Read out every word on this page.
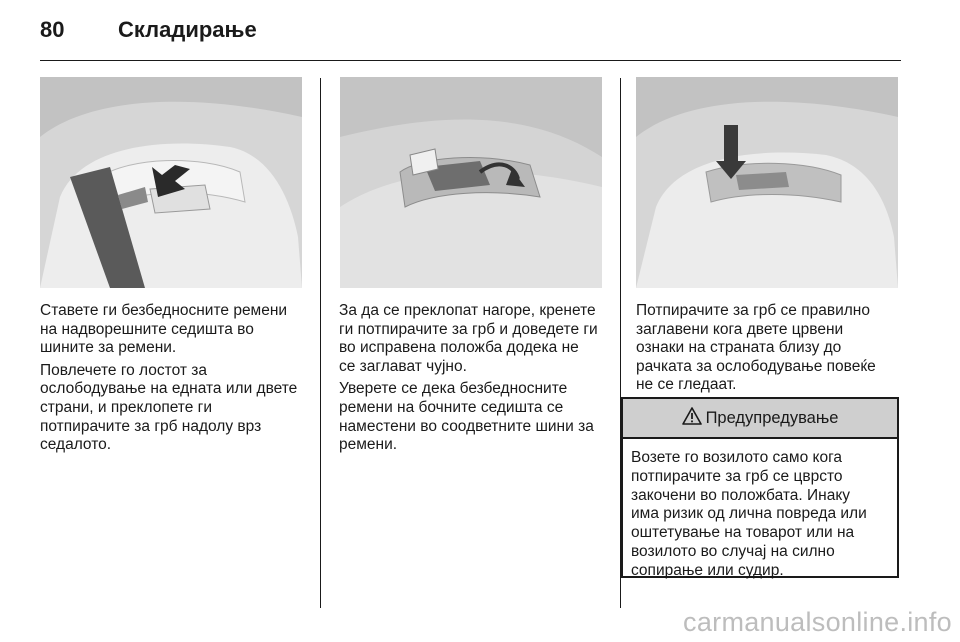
80	Складирање

Ставете ги безбедносните ремени
на надворешните седишта во
шините за ремени.

Повлечете го лостот за
ослободување на едната или двете
страни, и преклопете ги
потпирачите за грб надолу врз
седалото.

За да се преклопат нагоре, кренете
ги потпирачите за грб и доведете ги
во исправена положба додека не
се заглават чујно.

Уверете се дека безбедносните
ремени на бочните седишта се
наместени во соодветните шини за
ремени.

Потпирачите за грб се правилно
заглавени кога двете црвени
ознаки на страната близу до
рачката за ослободување повеќе
не се гледаат.

Предупредување
Возете го возилото само кога
потпирачите за грб се цврсто
закочени во положбата. Инаку
има ризик од лична повреда или
оштетување на товарот или на
возилото во случај на силно
сопирање или судир.
carmanualsonline.info
